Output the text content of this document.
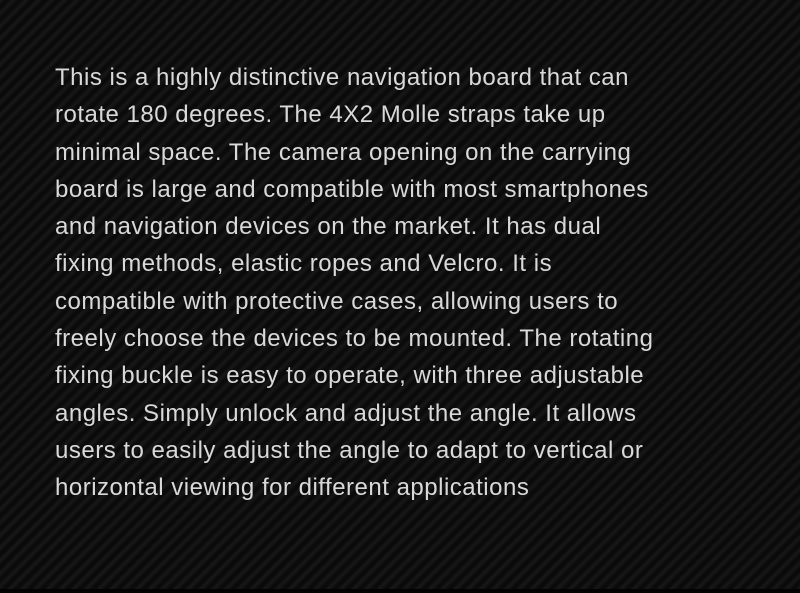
This is a highly distinctive navigation board that can
rotate 180 degrees. The 4X2 Molle straps take up
minimal space. The camera opening on the carrying
board is large and compatible with most smartphones
and navigation devices on the market. It has dual
fixing methods, elastic ropes and Velcro. It is
compatible with protective cases, allowing users to
freely choose the devices to be mounted. The rotating
fixing buckle is easy to operate, with three adjustable
angles. Simply unlock and adjust the angle. It allows
users to easily adjust the angle to adapt to vertical or
horizontal viewing for different applications
